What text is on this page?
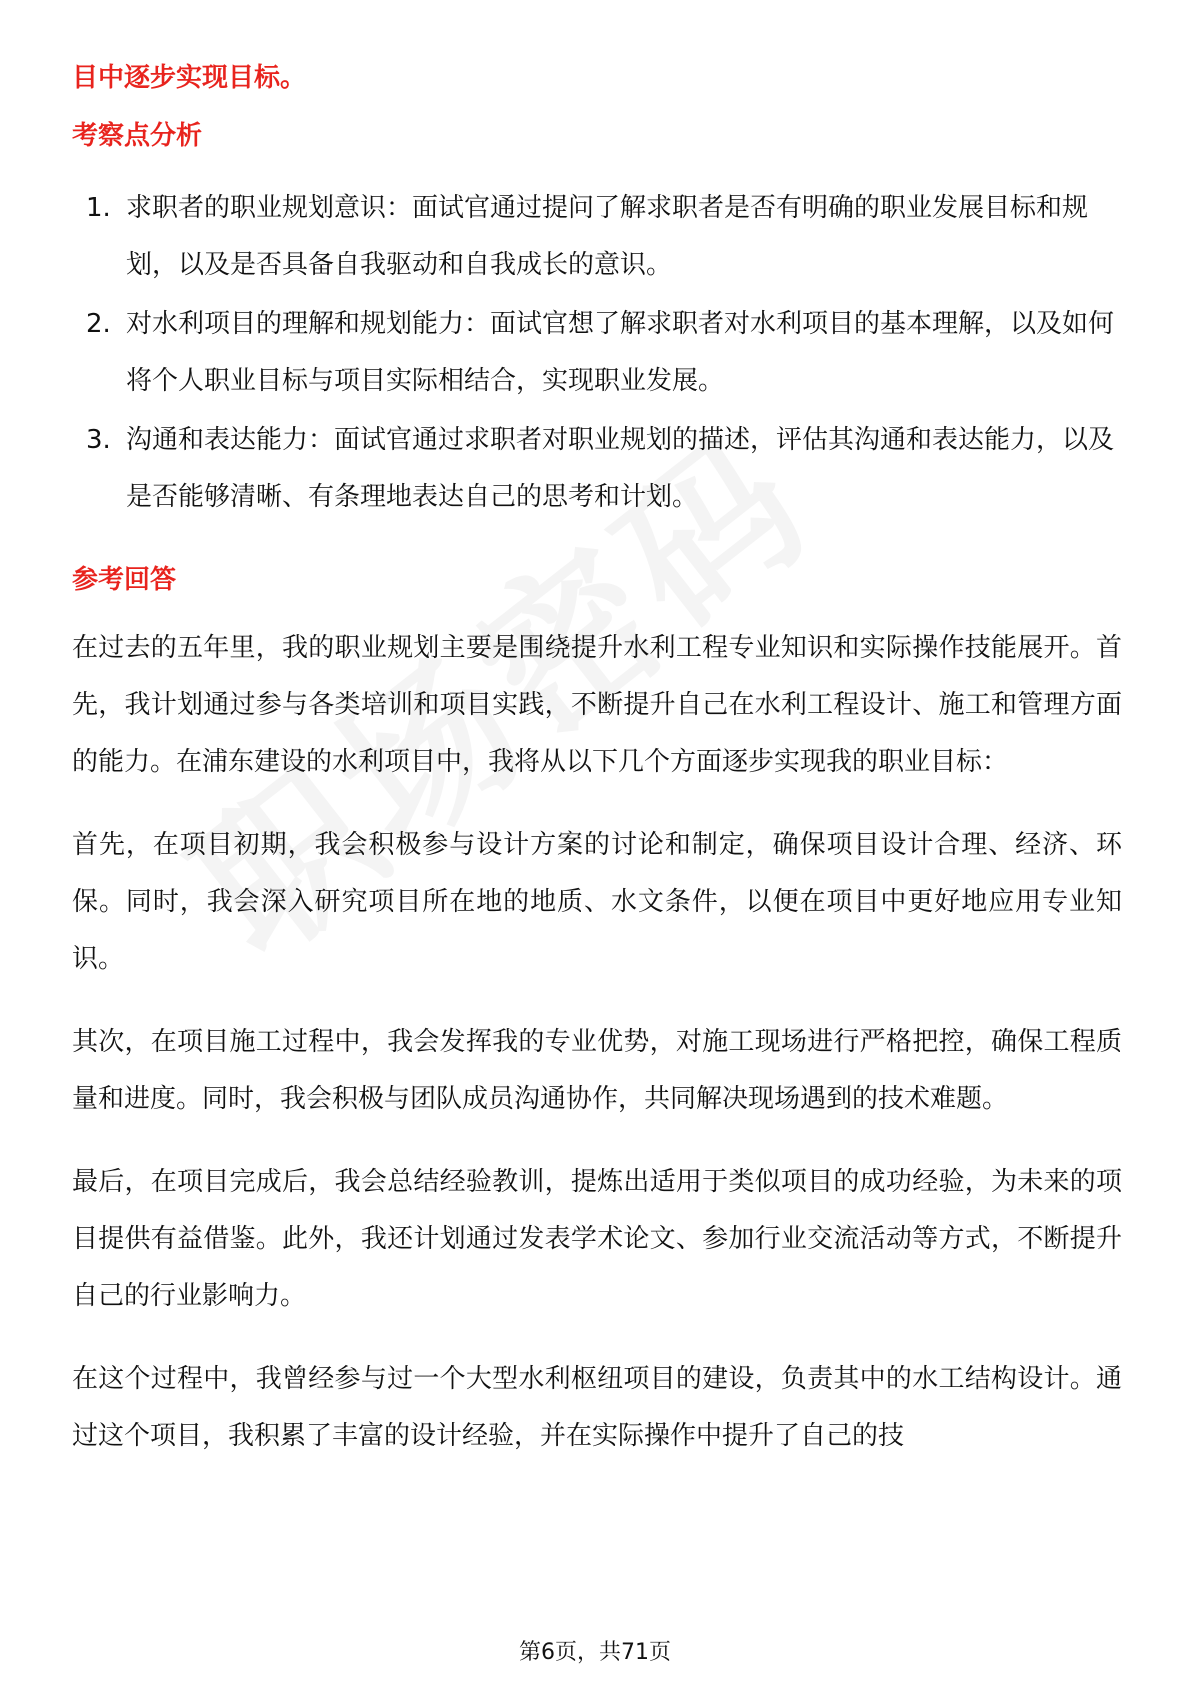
目中逐步实现目标。
考察点分析
1. 求职者的职业规划意识：面试官通过提问了解求职者是否有明确的职业发展目标和规划，以及是否具备自我驱动和自我成长的意识。
2. 对水利项目的理解和规划能力：面试官想了解求职者对水利项目的基本理解，以及如何将个人职业目标与项目实际相结合，实现职业发展。
3. 沟通和表达能力：面试官通过求职者对职业规划的描述，评估其沟通和表达能力，以及是否能够清晰、有条理地表达自己的思考和计划。
参考回答

在过去的五年里，我的职业规划主要是围绕提升水利工程专业知识和实际操作技能展开。首先，我计划通过参与各类培训和项目实践，不断提升自己在水利工程设计、施工和管理方面的能力。在浦东建设的水利项目中，我将从以下几个方面逐步实现我的职业目标：

首先，在项目初期，我会积极参与设计方案的讨论和制定，确保项目设计合理、经济、环保。同时，我会深入研究项目所在地的地质、水文条件，以便在项目中更好地应用专业知识。

其次，在项目施工过程中，我会发挥我的专业优势，对施工现场进行严格把控，确保工程质量和进度。同时，我会积极与团队成员沟通协作，共同解决现场遇到的技术难题。

最后，在项目完成后，我会总结经验教训，提炼出适用于类似项目的成功经验，为未来的项目提供有益借鉴。此外，我还计划通过发表学术论文、参加行业交流活动等方式，不断提升自己的行业影响力。

在这个过程中，我曾经参与过一个大型水利枢纽项目的建设，负责其中的水工结构设计。通过这个项目，我积累了丰富的设计经验，并在实际操作中提升了自己的技

第6页，共71页
